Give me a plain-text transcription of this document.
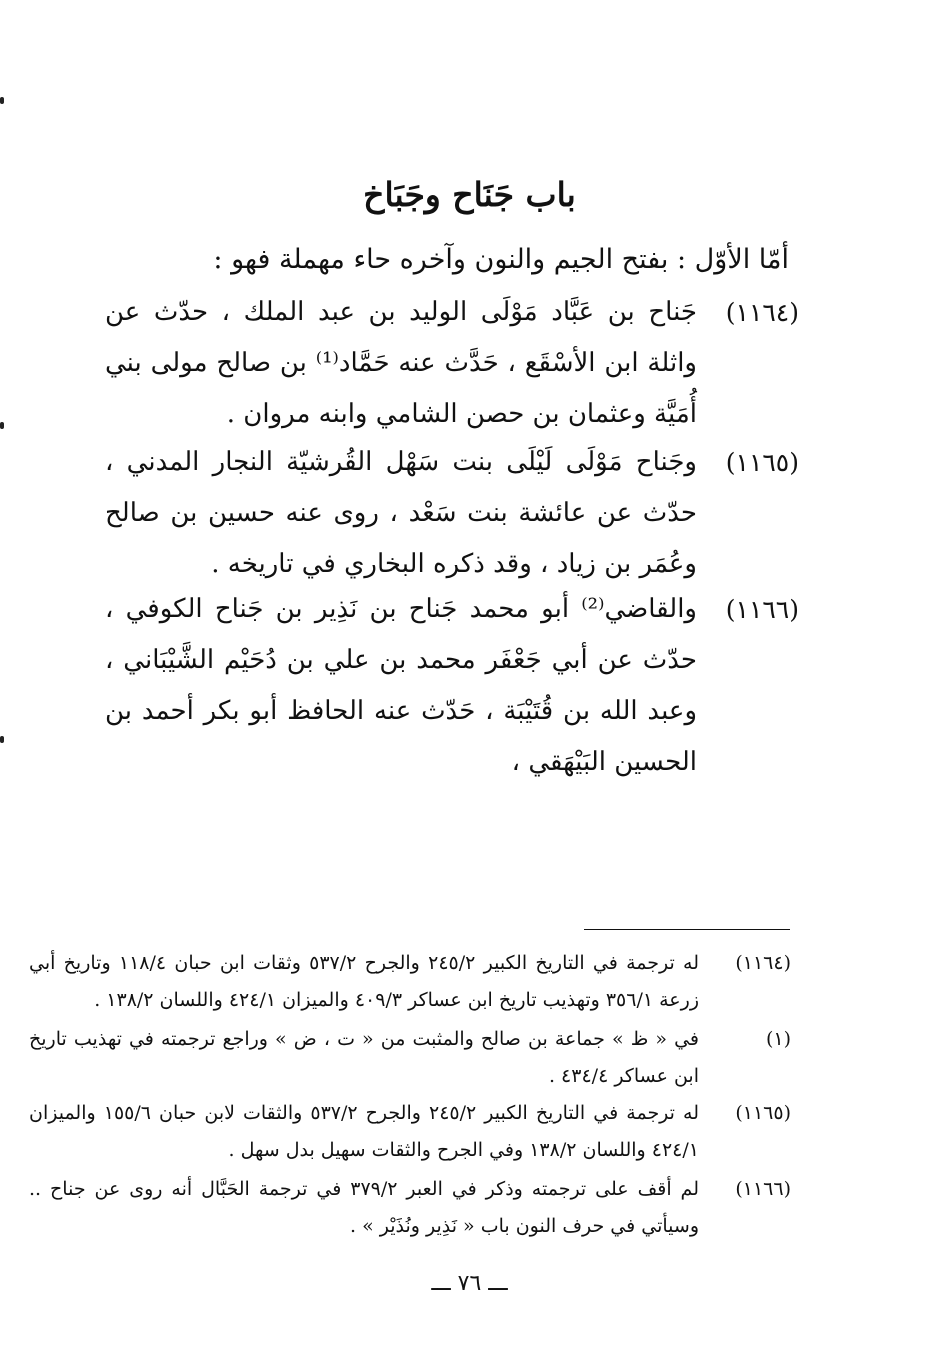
باب جَنَاح وجَبَاخ
أمّا الأوّل : بفتح الجيم والنون وآخره حاء مهملة فهو :
(١١٦٤)
جَناح بن عَبَّاد مَوْلَى الوليد بن عبد الملك ، حدّث عن واثلة ابن الأسْقَع ، حَدَّث عنه حَمَّاد⁽¹⁾ بن صالح مولى بني أُمَيَّة وعثمان بن حصن الشامي وابنه مروان .
(١١٦٥)
وجَناح مَوْلَى لَيْلَى بنت سَهْل القُرشيّة النجار المدني ، حدّث عن عائشة بنت سَعْد ، روى عنه حسين بن صالح وعُمَر بن زياد ، وقد ذكره البخاري في تاريخه .
(١١٦٦)
والقاضي⁽²⁾ أبو محمد جَناح بن نَذِير بن جَناح الكوفي ، حدّث عن أبي جَعْفَر محمد بن علي بن دُحَيْم الشَّيْبَاني ، وعبد الله بن قُتَيْبَة ، حَدّث عنه الحافظ أبو بكر أحمد بن الحسين البَيْهَقي ،
(١١٦٤)
له ترجمة في التاريخ الكبير ٢٤٥/٢ والجرح ٥٣٧/٢ وثقات ابن حبان ١١٨/٤ وتاريخ أبي زرعة ٣٥٦/١ وتهذيب تاريخ ابن عساكر ٤٠٩/٣ والميزان ٤٢٤/١ واللسان ١٣٨/٢ .
(١)
في « ظ » جماعة بن صالح والمثبت من « ت ، ض » وراجع ترجمته في تهذيب تاريخ ابن عساكر ٤٣٤/٤ .
(١١٦٥)
له ترجمة في التاريخ الكبير ٢٤٥/٢ والجرح ٥٣٧/٢ والثقات لابن حبان ١٥٥/٦ والميزان ٤٢٤/١ واللسان ١٣٨/٢ وفي الجرح والثقات سهيل بدل سهل .
(١١٦٦)
لم أقف على ترجمته وذكر في العبر ٣٧٩/٢ في ترجمة الحَبَّال أنه روى عن جناح .. وسيأتي في حرف النون باب « نَذِير ونُذَيْر » .
ـــ ٧٦ ـــ
